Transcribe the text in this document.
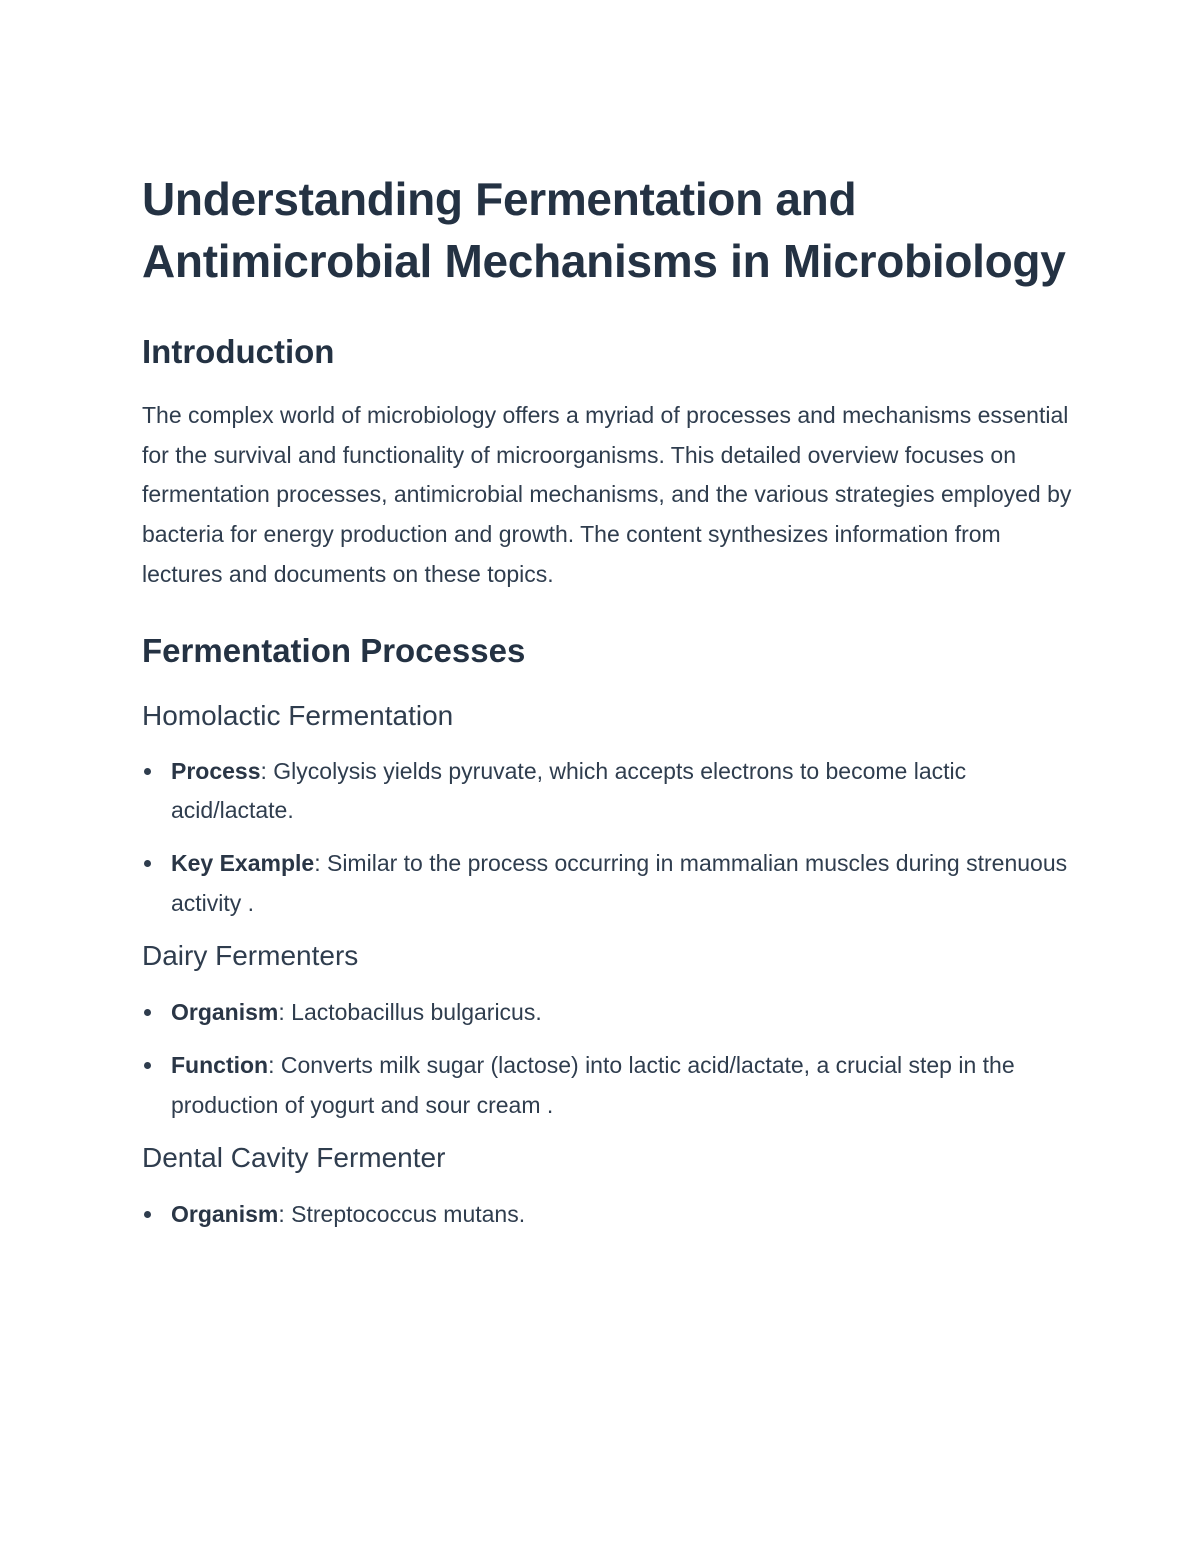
Understanding Fermentation and Antimicrobial Mechanisms in Microbiology
Introduction

The complex world of microbiology offers a myriad of processes and mechanisms essential for the survival and functionality of microorganisms. This detailed overview focuses on fermentation processes, antimicrobial mechanisms, and the various strategies employed by bacteria for energy production and growth. The content synthesizes information from lectures and documents on these topics.

Fermentation Processes
Homolactic Fermentation
Process: Glycolysis yields pyruvate, which accepts electrons to become lactic acid/lactate.
Key Example: Similar to the process occurring in mammalian muscles during strenuous activity .
Dairy Fermenters
Organism: Lactobacillus bulgaricus.
Function: Converts milk sugar (lactose) into lactic acid/lactate, a crucial step in the production of yogurt and sour cream .
Dental Cavity Fermenter
Organism: Streptococcus mutans.
